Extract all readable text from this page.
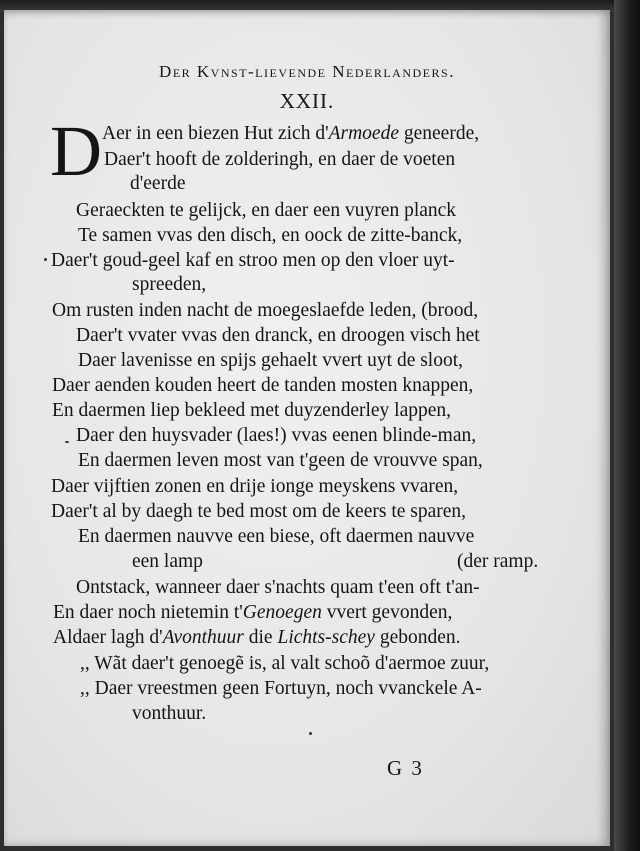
Der Kvnst-lievende Nederlanders.
XXII.
D Aer in een biezen Hut zich d'Armoede geneerde,
Daer't hooft de zolderingh, en daer de voeten
d'eerde
Geraeckten te gelijck, en daer een vuyren planck
Te samen vvas den disch, en oock de zitte-banck,
Daer't goud-geel kaf en stroo men op den vloer uyt-
spreeden,
Om rusten inden nacht de moegeslaefde leden, (brood,
Daer't vvater vvas den dranck, en droogen visch het
Daer lavenisse en spijs gehaelt vvert uyt de sloot,
Daer aenden kouden heert de tanden mosten knappen,
En daermen liep bekleed met duyzenderley lappen,
Daer den huysvader (laes!) vvas eenen blinde-man,
En daermen leven most van t'geen de vrouvve span,
Daer vijftien zonen en drije ionge meyskens vvaren,
Daer't al by daegh te bed most om de keers te sparen,
En daermen nauvve een biese, oft daermen nauvve
een lamp	(der ramp.
Ontstack, wanneer daer s'nachts quam t'een oft t'an-
En daer noch nietemin t'Genoegen vvert gevonden,
Aldaer lagh d'Avonthuur die Lichts-schey gebonden.
,, Wãt daer't genoegẽ is, al valt schoõ d'aermoe zuur,
,, Daer vreestmen geen Fortuyn, noch vvanckele A-
vonthuur.
G 3
